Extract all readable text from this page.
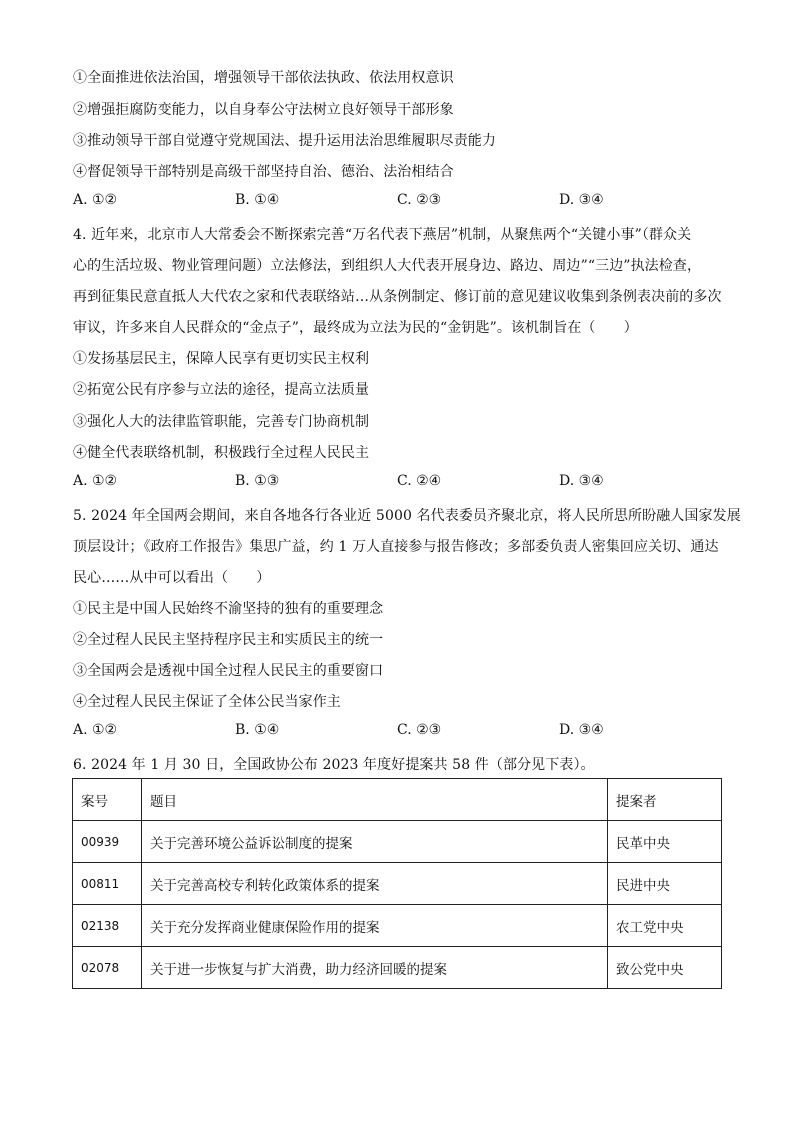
①全面推进依法治国，增强领导干部依法执政、依法用权意识
②增强拒腐防变能力，以自身奉公守法树立良好领导干部形象
③推动领导干部自觉遵守党规国法、提升运用法治思维履职尽责能力
④督促领导干部特别是高级干部坚持自治、德治、法治相结合
A. ①②	B. ①④	C. ②③	D. ③④
4. 近年来，北京市人大常委会不断探索完善“万名代表下燕居”机制，从聚焦两个“关键小事”（群众关
心的生活垃圾、物业管理问题）立法修法，到组织人大代表开展身边、路边、周边”“三边”执法检查，
再到征集民意直抵人大代农之家和代表联络站…从条例制定、修订前的意见建议收集到条例表决前的多次
审议，许多来自人民群众的“金点子”，最终成为立法为民的“金钥匙”。该机制旨在（　　）
①发扬基层民主，保障人民享有更切实民主权利
②拓宽公民有序参与立法的途径，提高立法质量
③强化人大的法律监管职能，完善专门协商机制
④健全代表联络机制，积极践行全过程人民民主
A. ①②	B. ①③	C. ②④	D. ③④
5. 2024 年全国两会期间，来自各地各行各业近 5000 名代表委员齐聚北京，将人民所思所盼融人国家发展
顶层设计；《政府工作报告》集思广益，约 1 万人直接参与报告修改；多部委负责人密集回应关切、通达
民心……从中可以看出（　　）
①民主是中国人民始终不渝坚持的独有的重要理念
②全过程人民民主坚持程序民主和实质民主的统一
③全国两会是透视中国全过程人民民主的重要窗口
④全过程人民民主保证了全体公民当家作主
A. ①②	B. ①④	C. ②③	D. ③④
6. 2024 年 1 月 30 日，全国政协公布 2023 年度好提案共 58 件（部分见下表）。
案号	题目	提案者
00939	关于完善环境公益诉讼制度的提案	民革中央
00811	关于完善高校专利转化政策体系的提案	民进中央
02138	关于充分发挥商业健康保险作用的提案	农工党中央
02078	关于进一步恢复与扩大消费，助力经济回暖的提案	致公党中央
